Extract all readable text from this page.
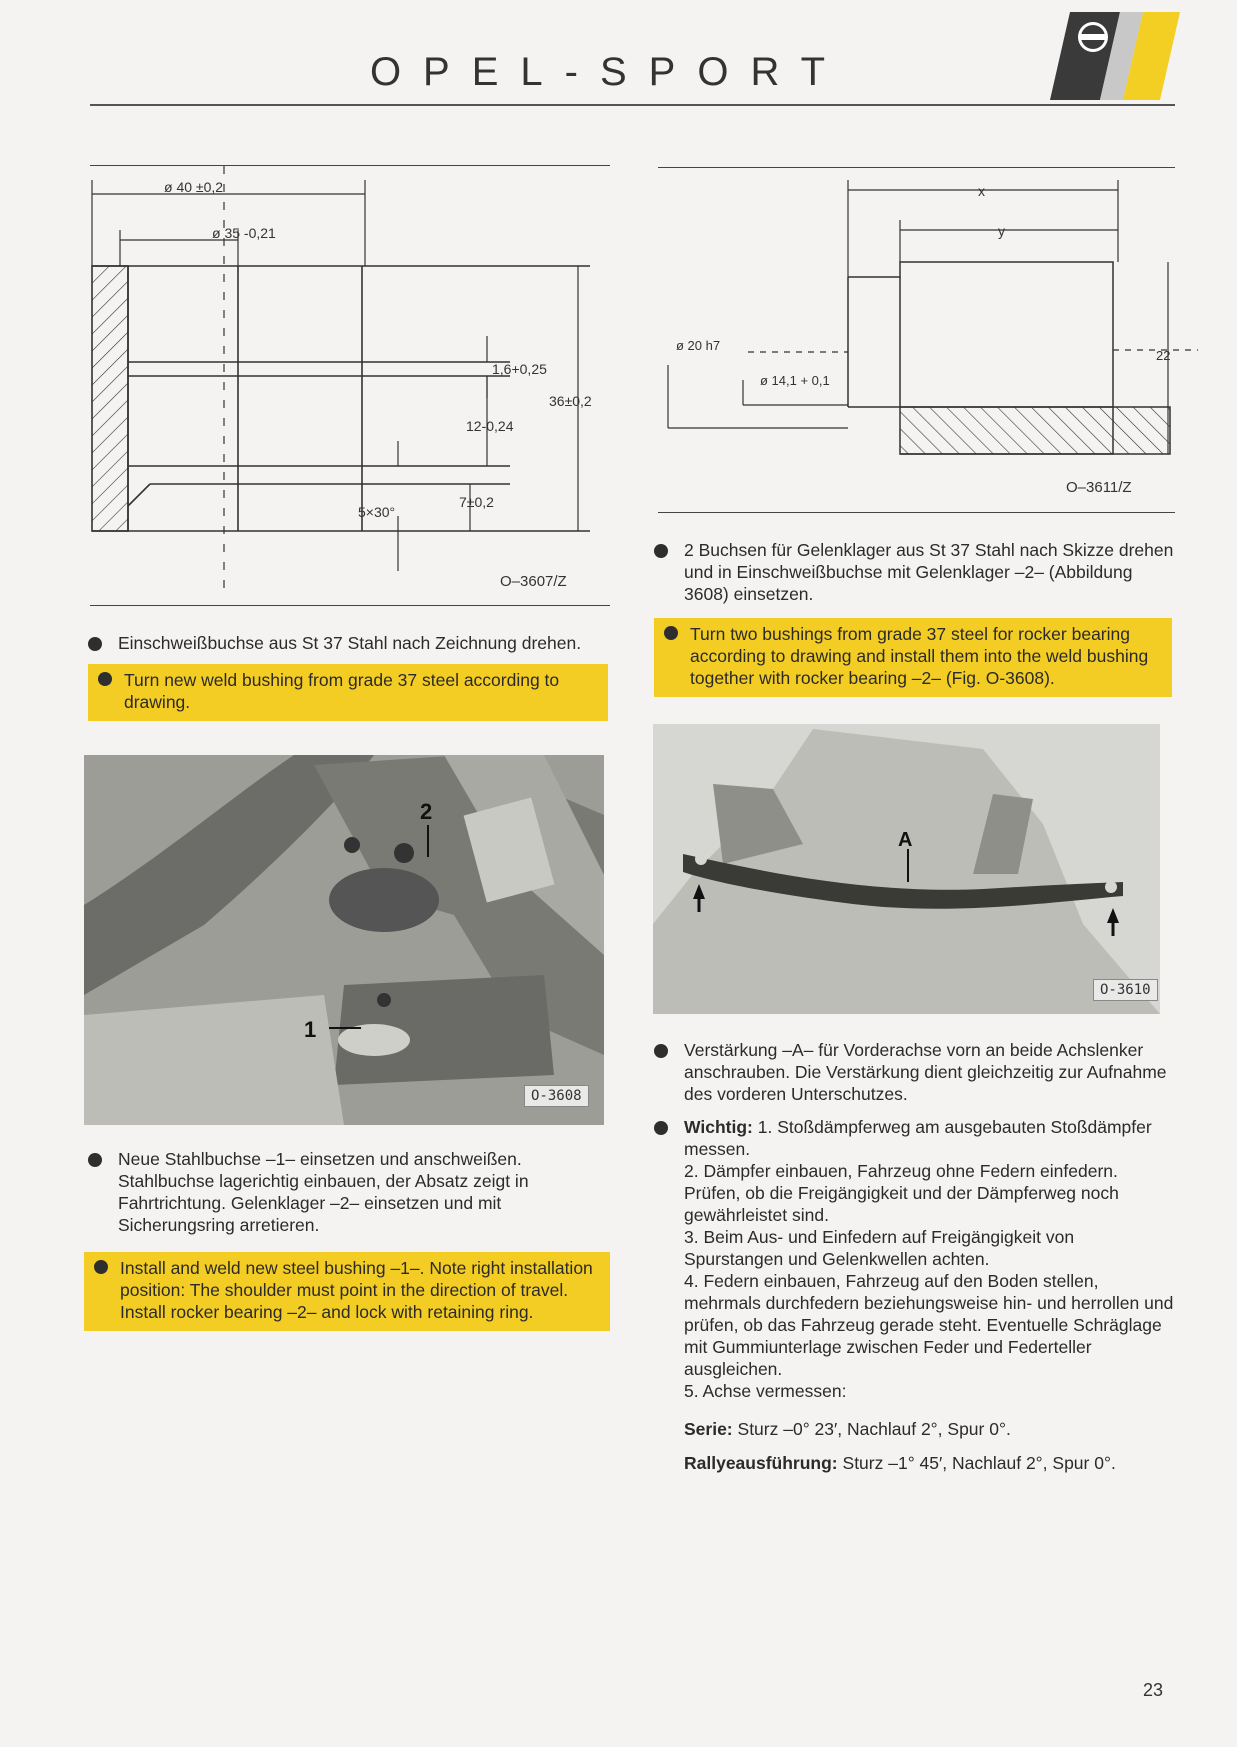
OPEL-SPORT
ø 40 ±0,2
ø 35 -0,21
1,6+0,25
36±0,2
12-0,24
5×30°
7±0,2
O–3607/Z
x
y
ø 20 h7
ø 14,1 + 0,1
22
O–3611/Z
Einschweißbuchse aus St 37 Stahl nach Zeichnung drehen.
Turn new weld bushing from grade 37 steel according to drawing.
1
2
O-3608
Neue Stahlbuchse –1– einsetzen und anschweißen. Stahlbuchse lagerichtig einbauen, der Absatz zeigt in Fahrtrichtung. Gelenklager –2– einsetzen und mit Sicherungsring arretieren.
Install and weld new steel bushing –1–. Note right installation position: The shoulder must point in the direction of travel. Install rocker bearing –2– and lock with retaining ring.
2 Buchsen für Gelenklager aus St 37 Stahl nach Skizze drehen und in Einschweißbuchse mit Gelenklager –2– (Abbildung 3608) einsetzen.
Turn two bushings from grade 37 steel for rocker bearing according to drawing and install them into the weld bushing together with rocker bearing –2– (Fig. O-3608).
A
O-3610
Verstärkung –A– für Vorderachse vorn an beide Achslenker anschrauben. Die Verstärkung dient gleichzeitig zur Aufnahme des vorderen Unterschutzes.
Wichtig: 1. Stoßdämpferweg am ausgebauten Stoßdämpfer messen.
2. Dämpfer einbauen, Fahrzeug ohne Federn einfedern. Prüfen, ob die Freigängigkeit und der Dämpferweg noch gewährleistet sind.
3. Beim Aus- und Einfedern auf Freigängigkeit von Spurstangen und Gelenkwellen achten.
4. Federn einbauen, Fahrzeug auf den Boden stellen, mehrmals durchfedern beziehungsweise hin- und herrollen und prüfen, ob das Fahrzeug gerade steht. Eventuelle Schräglage mit Gummiunterlage zwischen Feder und Federteller ausgleichen.
5. Achse vermessen:
Serie: Sturz –0° 23′, Nachlauf 2°, Spur 0°.
Rallyeausführung: Sturz –1° 45′, Nachlauf 2°, Spur 0°.
23
